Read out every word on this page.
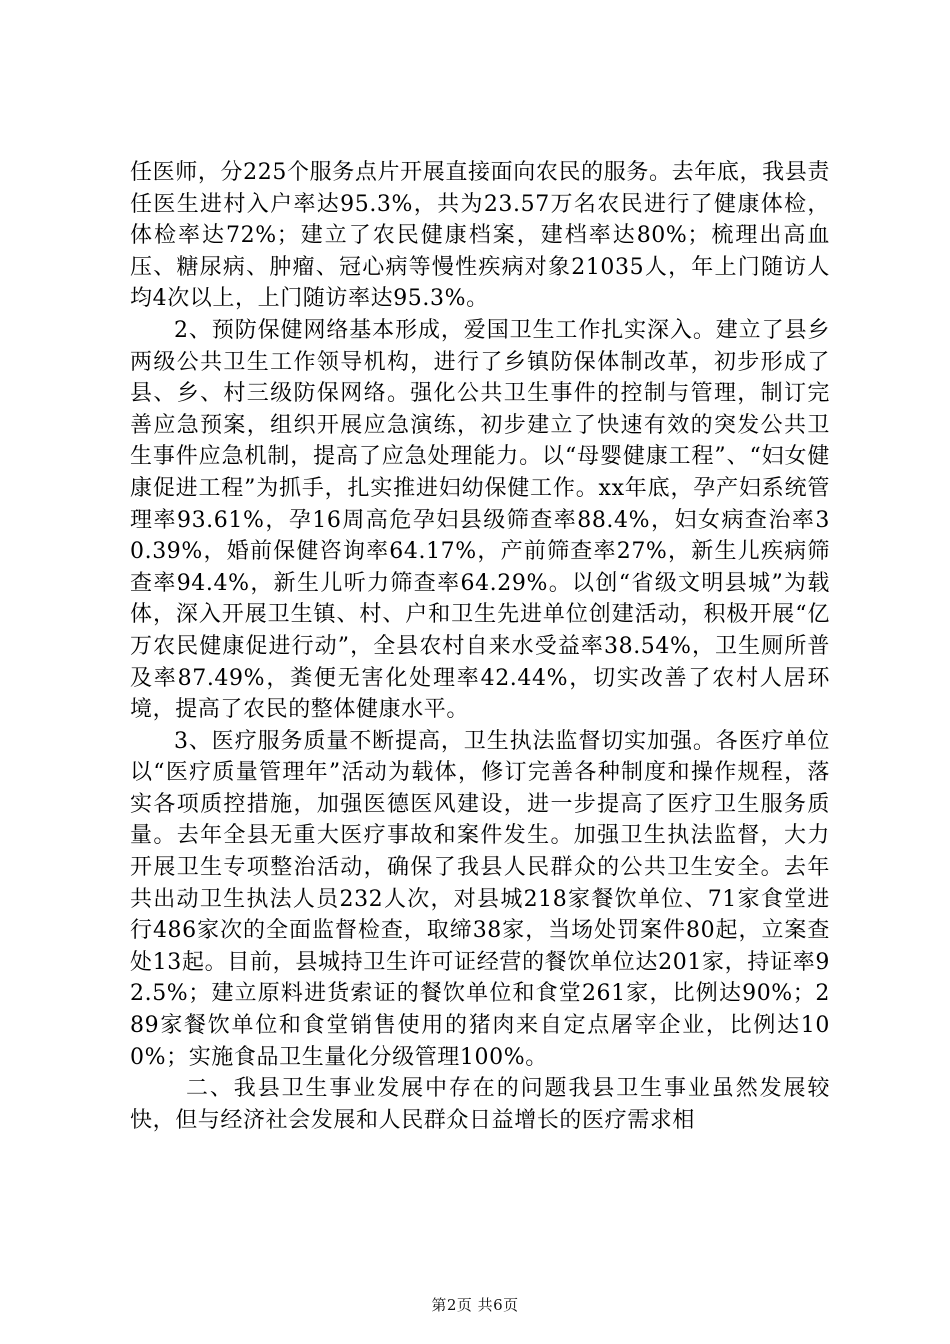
任医师，分225个服务点片开展直接面向农民的服务。去年底，我县责任医生进村入户率达95.3%，共为23.57万名农民进行了健康体检，体检率达72%；建立了农民健康档案，建档率达80%；梳理出高血压、糖尿病、肿瘤、冠心病等慢性疾病对象21035人，年上门随访人均4次以上，上门随访率达95.3%。

2、预防保健网络基本形成，爱国卫生工作扎实深入。建立了县乡两级公共卫生工作领导机构，进行了乡镇防保体制改革，初步形成了县、乡、村三级防保网络。强化公共卫生事件的控制与管理，制订完善应急预案，组织开展应急演练，初步建立了快速有效的突发公共卫生事件应急机制，提高了应急处理能力。以“母婴健康工程”、“妇女健康促进工程”为抓手，扎实推进妇幼保健工作。xx年底，孕产妇系统管理率93.61%，孕16周高危孕妇县级筛查率88.4%，妇女病查治率30.39%，婚前保健咨询率64.17%，产前筛查率27%，新生儿疾病筛查率94.4%，新生儿听力筛查率64.29%。以创“省级文明县城”为载体，深入开展卫生镇、村、户和卫生先进单位创建活动，积极开展“亿万农民健康促进行动”，全县农村自来水受益率38.54%，卫生厕所普及率87.49%，粪便无害化处理率42.44%，切实改善了农村人居环境，提高了农民的整体健康水平。

3、医疗服务质量不断提高，卫生执法监督切实加强。各医疗单位以“医疗质量管理年”活动为载体，修订完善各种制度和操作规程，落实各项质控措施，加强医德医风建设，进一步提高了医疗卫生服务质量。去年全县无重大医疗事故和案件发生。加强卫生执法监督，大力开展卫生专项整治活动，确保了我县人民群众的公共卫生安全。去年共出动卫生执法人员232人次，对县城218家餐饮单位、71家食堂进行486家次的全面监督检查，取缔38家，当场处罚案件80起，立案查处13起。目前，县城持卫生许可证经营的餐饮单位达201家，持证率92.5%；建立原料进货索证的餐饮单位和食堂261家，比例达90%；289家餐饮单位和食堂销售使用的猪肉来自定点屠宰企业，比例达100%；实施食品卫生量化分级管理100%。

二、我县卫生事业发展中存在的问题我县卫生事业虽然发展较快，但与经济社会发展和人民群众日益增长的医疗需求相

第2页 共6页
